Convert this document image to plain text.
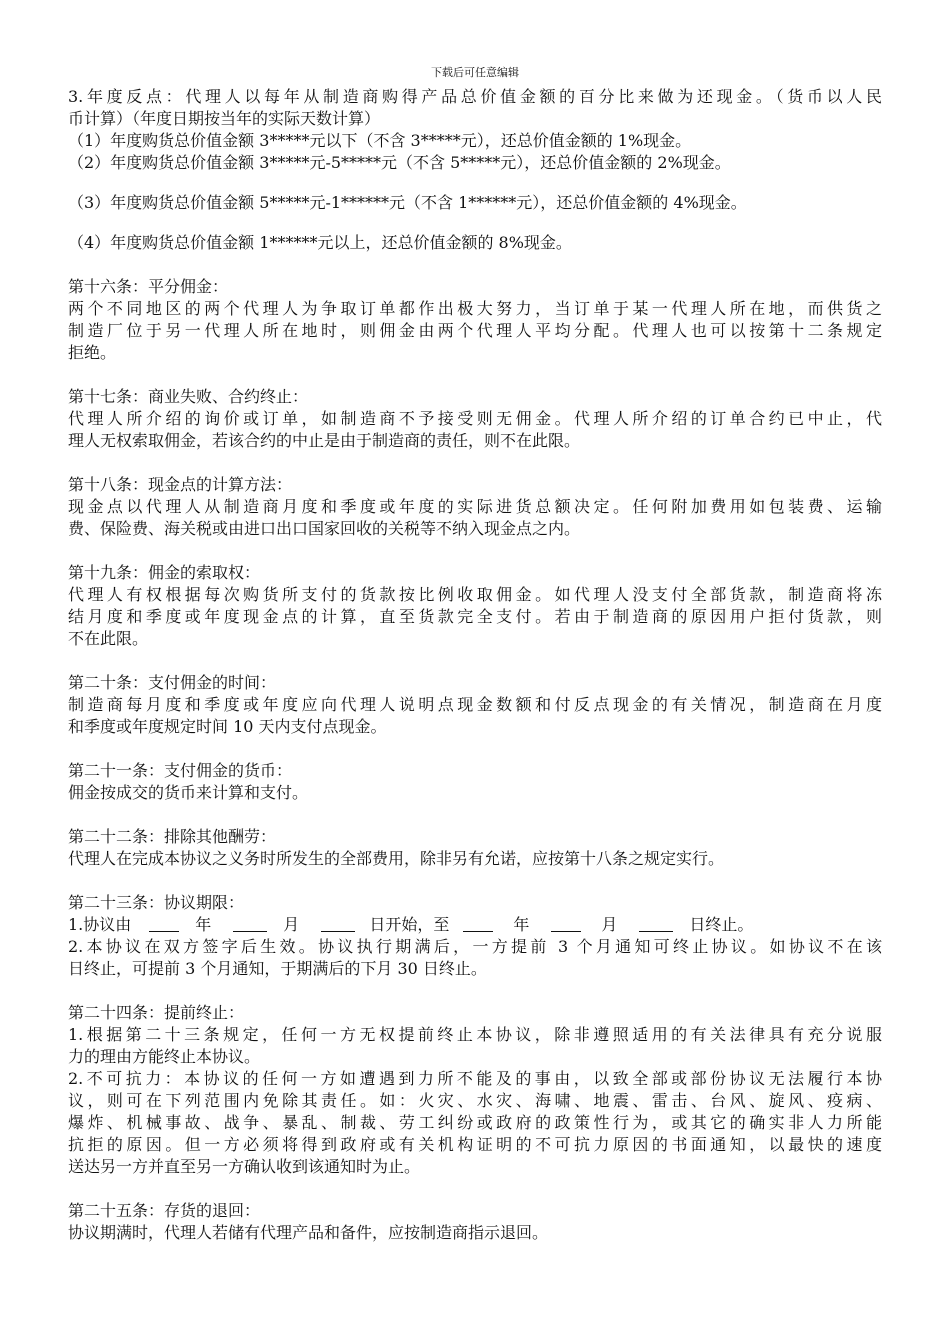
下载后可任意编辑
3.年度反点：代理人以每年从制造商购得产品总价值金额的百分比来做为还现金。（货币以人民
币计算）（年度日期按当年的实际天数计算）
（1）年度购货总价值金额 3*****元以下（不含 3*****元），还总价值金额的 1%现金。
（2）年度购货总价值金额 3*****元-5*****元（不含 5*****元），还总价值金额的 2%现金。
（3）年度购货总价值金额 5*****元-1******元（不含 1******元），还总价值金额的 4%现金。
（4）年度购货总价值金额 1******元以上，还总价值金额的 8%现金。
第十六条：平分佣金：
两个不同地区的两个代理人为争取订单都作出极大努力，当订单于某一代理人所在地，而供货之
制造厂位于另一代理人所在地时，则佣金由两个代理人平均分配。代理人也可以按第十二条规定
拒绝。
第十七条：商业失败、合约终止：
代理人所介绍的询价或订单，如制造商不予接受则无佣金。代理人所介绍的订单合约已中止，代
理人无权索取佣金，若该合约的中止是由于制造商的责任，则不在此限。
第十八条：现金点的计算方法：
现金点以代理人从制造商月度和季度或年度的实际进货总额决定。任何附加费用如包装费、运输
费、保险费、海关税或由进口出口国家回收的关税等不纳入现金点之内。
第十九条：佣金的索取权：
代理人有权根据每次购货所支付的货款按比例收取佣金。如代理人没支付全部货款，制造商将冻
结月度和季度或年度现金点的计算，直至货款完全支付。若由于制造商的原因用户拒付货款，则
不在此限。
第二十条：支付佣金的时间：
制造商每月度和季度或年度应向代理人说明点现金数额和付反点现金的有关情况，制造商在月度
和季度或年度规定时间 10 天内支付点现金。
第二十一条：支付佣金的货币：
佣金按成交的货币来计算和支付。
第二十二条：排除其他酬劳：
代理人在完成本协议之义务时所发生的全部费用，除非另有允诺，应按第十八条之规定实行。
第二十三条：协议期限：
1.协议由	年	月	日开始，至	年	月	日终止。
2.本协议在双方签字后生效。协议执行期满后，一方提前 3 个月通知可终止协议。如协议不在该
日终止，可提前 3 个月通知，于期满后的下月 30 日终止。
第二十四条：提前终止：
1.根据第二十三条规定，任何一方无权提前终止本协议，除非遵照适用的有关法律具有充分说服
力的理由方能终止本协议。
2.不可抗力：本协议的任何一方如遭遇到力所不能及的事由，以致全部或部份协议无法履行本协
议，则可在下列范围内免除其责任。如：火灾、水灾、海啸、地震、雷击、台风、旋风、疫病、
爆炸、机械事故、战争、暴乱、制裁、劳工纠纷或政府的政策性行为，或其它的确实非人力所能
抗拒的原因。但一方必须将得到政府或有关机构证明的不可抗力原因的书面通知，以最快的速度
送达另一方并直至另一方确认收到该通知时为止。
第二十五条：存货的退回：
协议期满时，代理人若储有代理产品和备件，应按制造商指示退回。
